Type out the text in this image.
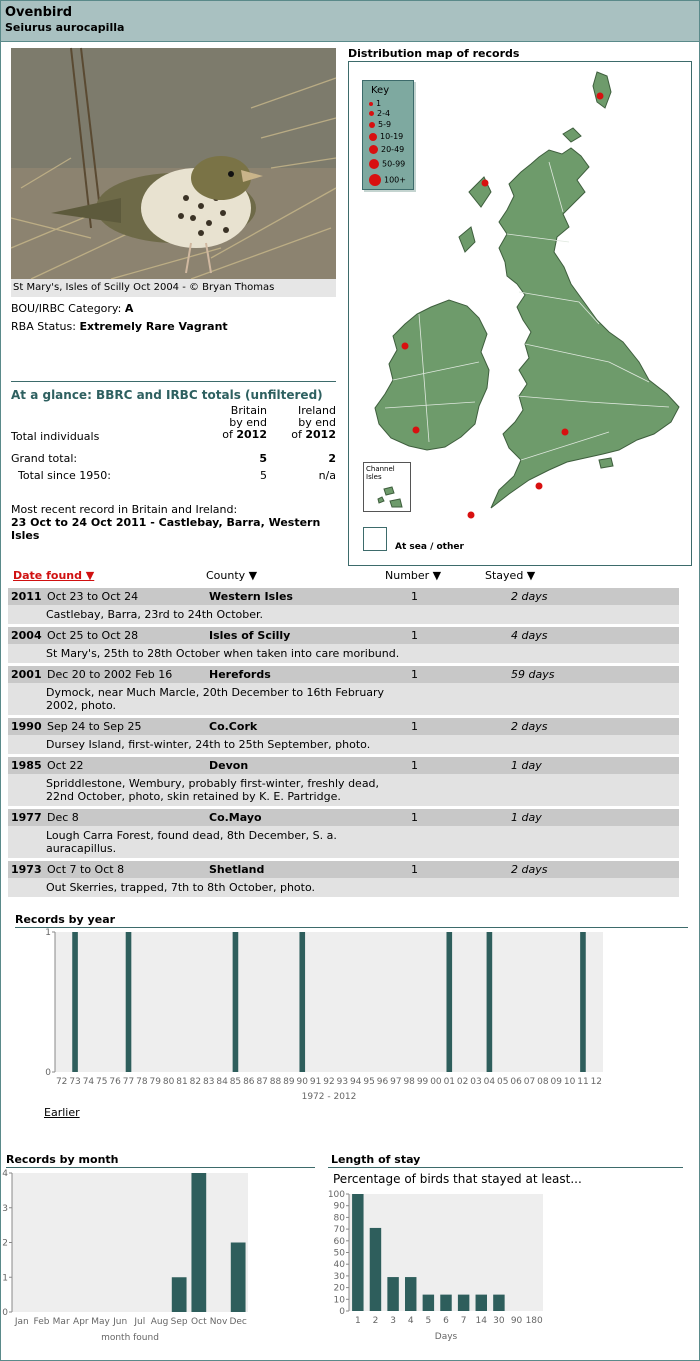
Ovenbird
Seiurus aurocapilla
St Mary's, Isles of Scilly Oct 2004 - © Bryan Thomas
BOU/IRBC Category: A
RBA Status: Extremely Rare Vagrant
At a glance: BBRC and IRBC totals (unfiltered)
Britain
by end
of 2012
Ireland
by end
of 2012
Total individuals
Grand total:	5	2
Total since 1950:	5	n/a
Most recent record in Britain and Ireland:
23 Oct to 24 Oct 2011 - Castlebay, Barra, Western Isles
Distribution map of records
Key
1
2-4
5-9
10-19
20-49
50-99
100+
Channel Isles
At sea / other
Date found ▼	County ▼	Number ▼	Stayed ▼
2011 Oct 23 to Oct 24	Western Isles	1	2 days
Castlebay, Barra, 23rd to 24th October.
2004 Oct 25 to Oct 28	Isles of Scilly	1	4 days
St Mary's, 25th to 28th October when taken into care moribund.
2001 Dec 20 to 2002 Feb 16	Herefords	1	59 days
Dymock, near Much Marcle, 20th December to 16th February 2002, photo.
1990 Sep 24 to Sep 25	Co.Cork	1	2 days
Dursey Island, first-winter, 24th to 25th September, photo.
1985 Oct 22	Devon	1	1 day
Spriddlestone, Wembury, probably first-winter, freshly dead, 22nd October, photo, skin retained by K. E. Partridge.
1977 Dec 8	Co.Mayo	1	1 day
Lough Carra Forest, found dead, 8th December, S. a. auracapillus.
1973 Oct 7 to Oct 8	Shetland	1	2 days
Out Skerries, trapped, 7th to 8th October, photo.
Records by year
0
1
72 73 74 75 76 77 78 79 80 81 82 83 84 85 86 87 88 89 90 91 92 93 94 95 96 97 98 99 00 01 02 03 04 05 06 07 08 09 10 11 12
1972 - 2012
Earlier
Records by month
0
1
2
3
4
Jan Feb Mar Apr May Jun Jul Aug Sep Oct Nov Dec
month found
Length of stay
Percentage of birds that stayed at least...
0
10
20
30
40
50
60
70
80
90
100
1 2 3 4 5 6 7 14 30 90 180
Days
